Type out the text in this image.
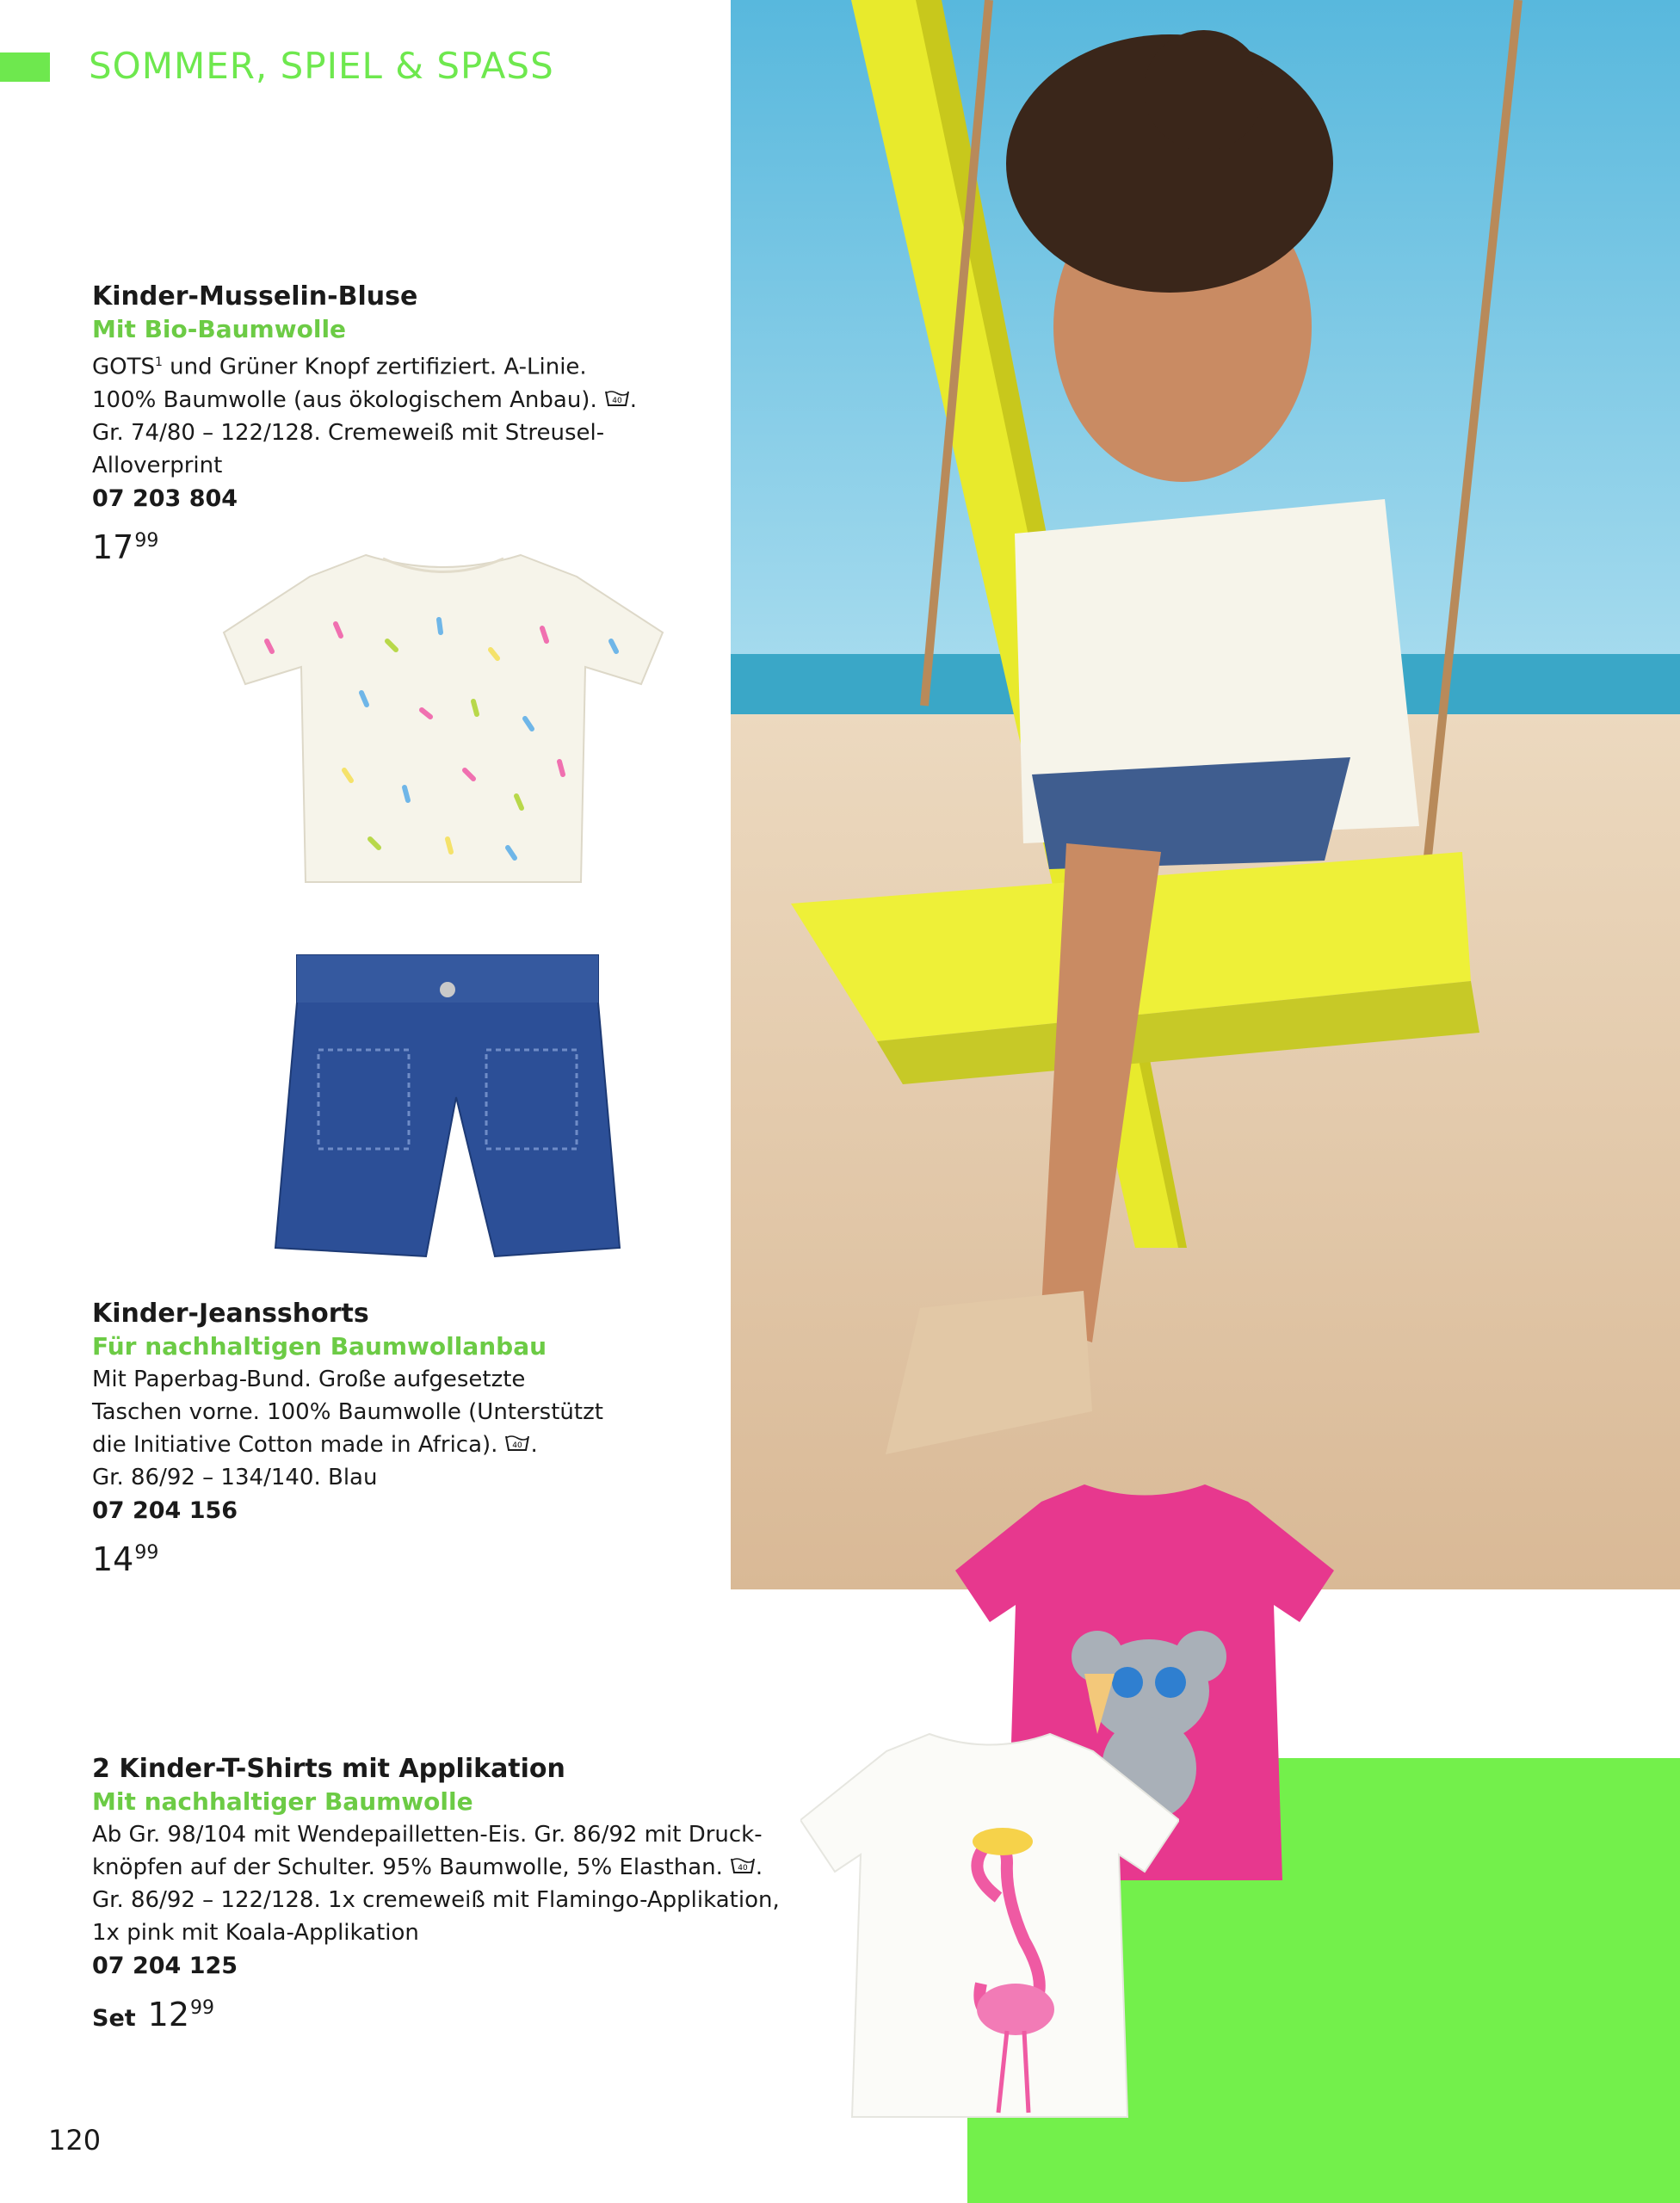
SOMMER, SPIEL & SPASS
Kinder-Musselin-Bluse
Mit Bio-Baumwolle
GOTS$^1$ und Grüner Knopf zertifiziert. A-Linie.
100% Baumwolle (aus ökologischem Anbau). 40 .
Gr. 74/80 – 122/128. Cremeweiß mit Streusel-
Alloverprint
07 203 804
$17^{99}$
Kinder-Jeansshorts
Für nachhaltigen Baumwollanbau
Mit Paperbag-Bund. Große aufgesetzte
Taschen vorne. 100% Baumwolle (Unterstützt
die Initiative Cotton made in Africa). 40 .
Gr. 86/92 – 134/140. Blau
07 204 156
$14^{99}$
2 Kinder-T-Shirts mit Applikation
Mit nachhaltiger Baumwolle
Ab Gr. 98/104 mit Wendepailletten-Eis. Gr. 86/92 mit Druck-
knöpfen auf der Schulter. 95% Baumwolle, 5% Elasthan. 40 .
Gr. 86/92 – 122/128. 1x cremeweiß mit Flamingo-Applikation,
1x pink mit Koala-Applikation
07 204 125
Set $12^{99}$
120
